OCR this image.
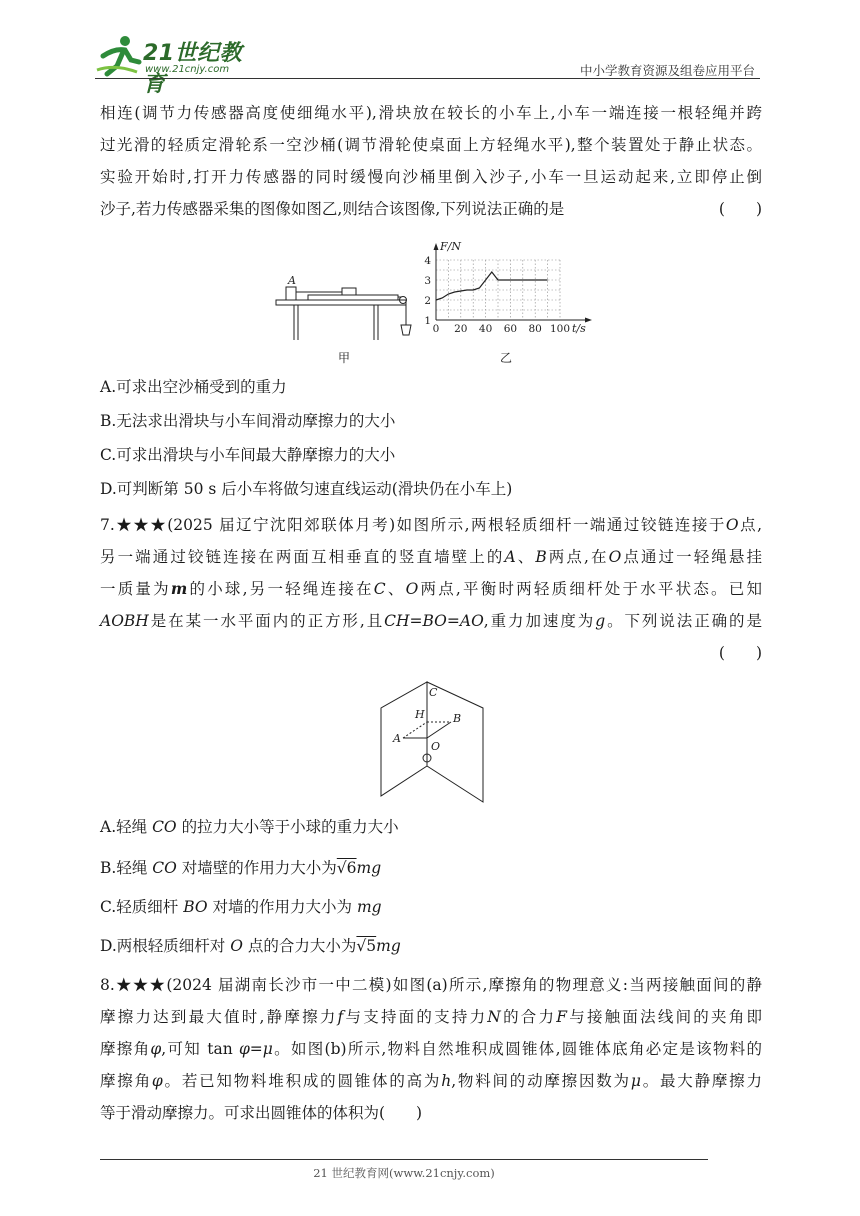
21世纪教育
www.21cnjy.com	中小学教育资源及组卷应用平台
相连(调节力传感器高度使细绳水平),滑块放在较长的小车上,小车一端连接一根轻绳并跨
过光滑的轻质定滑轮系一空沙桶(调节滑轮使桌面上方轻绳水平),整个装置处于静止状态。
实验开始时,打开力传感器的同时缓慢向沙桶里倒入沙子,小车一旦运动起来,立即停止倒
沙子,若力传感器采集的图像如图乙,则结合该图像,下列说法正确的是	(　　)
A
甲
0 20 40 60 80 100
1
2
3
4
t/s
F/N
乙
A.可求出空沙桶受到的重力
B.无法求出滑块与小车间滑动摩擦力的大小
C.可求出滑块与小车间最大静摩擦力的大小
D.可判断第 50 s 后小车将做匀速直线运动(滑块仍在小车上)
7.★★★(2025 届辽宁沈阳郊联体月考)如图所示,两根轻质细杆一端通过铰链连接于O点,
另一端通过铰链连接在两面互相垂直的竖直墙壁上的A、B两点,在O点通过一轻绳悬挂
一质量为m的小球,另一轻绳连接在C、O两点,平衡时两轻质细杆处于水平状态。已知
AOBH是在某一水平面内的正方形,且CH=BO=AO,重力加速度为g。下列说法正确的是
(　　)
C
H	B
A
O
A.轻绳 CO 的拉力大小等于小球的重力大小
B.轻绳 CO 对墙壁的作用力大小为√6mg
C.轻质细杆 BO 对墙的作用力大小为 mg
D.两根轻质细杆对 O 点的合力大小为√5mg
8.★★★(2024 届湖南长沙市一中二模)如图(a)所示,摩擦角的物理意义:当两接触面间的静
摩擦力达到最大值时,静摩擦力f与支持面的支持力N的合力F与接触面法线间的夹角即
摩擦角φ,可知 tan φ=μ。如图(b)所示,物料自然堆积成圆锥体,圆锥体底角必定是该物料的
摩擦角φ。若已知物料堆积成的圆锥体的高为h,物料间的动摩擦因数为μ。最大静摩擦力
等于滑动摩擦力。可求出圆锥体的体积为(　　)
21 世纪教育网(www.21cnjy.com)
